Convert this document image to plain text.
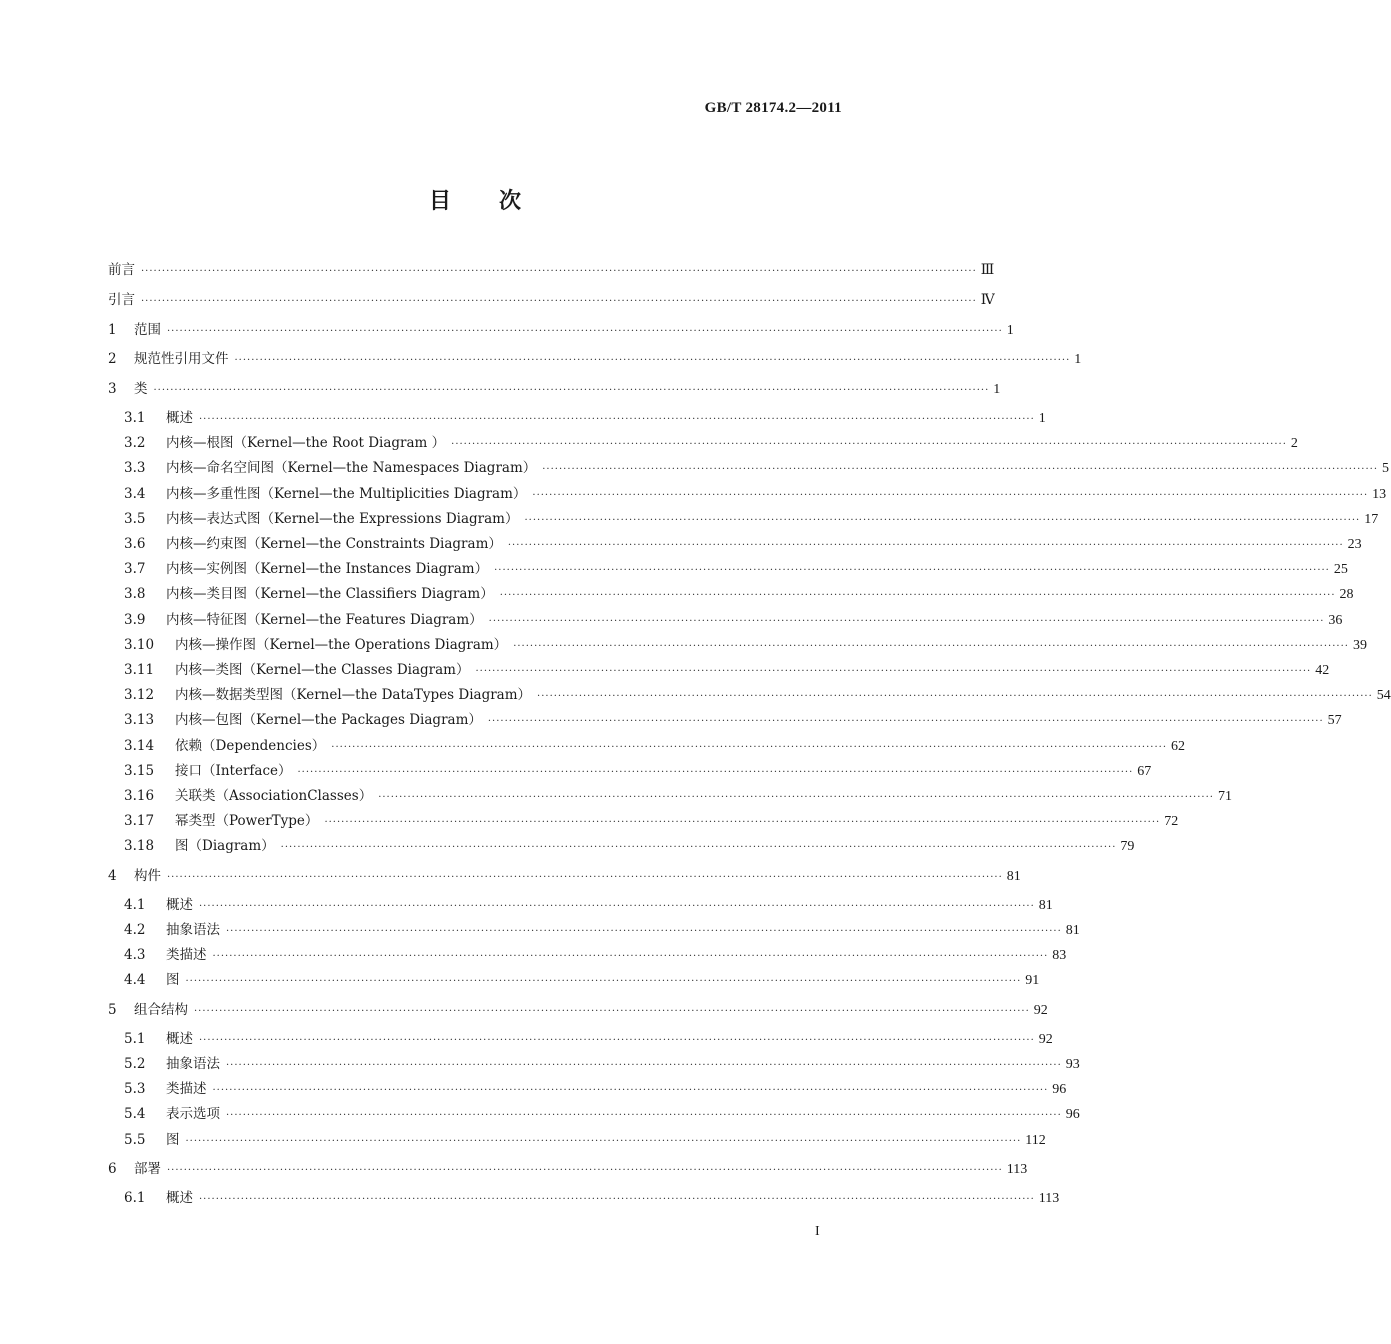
GB/T 28174.2—2011
目 次
前言 ········································································································································································································ Ⅲ
引言 ········································································································································································································ Ⅳ
1	范围 ········································································································································································································ 1
2	规范性引用文件 ········································································································································································································ 1
3	类 ········································································································································································································ 1
3.1	概述 ········································································································································································································ 1
3.2	内核—根图（Kernel—the Root Diagram ） ········································································································································································································ 2
3.3	内核—命名空间图（Kernel—the Namespaces Diagram） ········································································································································································································ 5
3.4	内核—多重性图（Kernel—the Multiplicities Diagram） ········································································································································································································ 13
3.5	内核—表达式图（Kernel—the Expressions Diagram） ········································································································································································································ 17
3.6	内核—约束图（Kernel—the Constraints Diagram） ········································································································································································································ 23
3.7	内核—实例图（Kernel—the Instances Diagram） ········································································································································································································ 25
3.8	内核—类目图（Kernel—the Classifiers Diagram） ········································································································································································································ 28
3.9	内核—特征图（Kernel—the Features Diagram） ········································································································································································································ 36
3.10	内核—操作图（Kernel—the Operations Diagram） ········································································································································································································ 39
3.11	内核—类图（Kernel—the Classes Diagram） ········································································································································································································ 42
3.12	内核—数据类型图（Kernel—the DataTypes Diagram） ········································································································································································································ 54
3.13	内核—包图（Kernel—the Packages Diagram） ········································································································································································································ 57
3.14	依赖（Dependencies） ········································································································································································································ 62
3.15	接口（Interface） ········································································································································································································ 67
3.16	关联类（AssociationClasses） ········································································································································································································ 71
3.17	幂类型（PowerType） ········································································································································································································ 72
3.18	图（Diagram） ········································································································································································································ 79
4	构件 ········································································································································································································ 81
4.1	概述 ········································································································································································································ 81
4.2	抽象语法 ········································································································································································································ 81
4.3	类描述 ········································································································································································································ 83
4.4	图 ········································································································································································································ 91
5	组合结构 ········································································································································································································ 92
5.1	概述 ········································································································································································································ 92
5.2	抽象语法 ········································································································································································································ 93
5.3	类描述 ········································································································································································································ 96
5.4	表示选项 ········································································································································································································ 96
5.5	图 ········································································································································································································ 112
6	部署 ········································································································································································································ 113
6.1	概述 ········································································································································································································ 113
I
